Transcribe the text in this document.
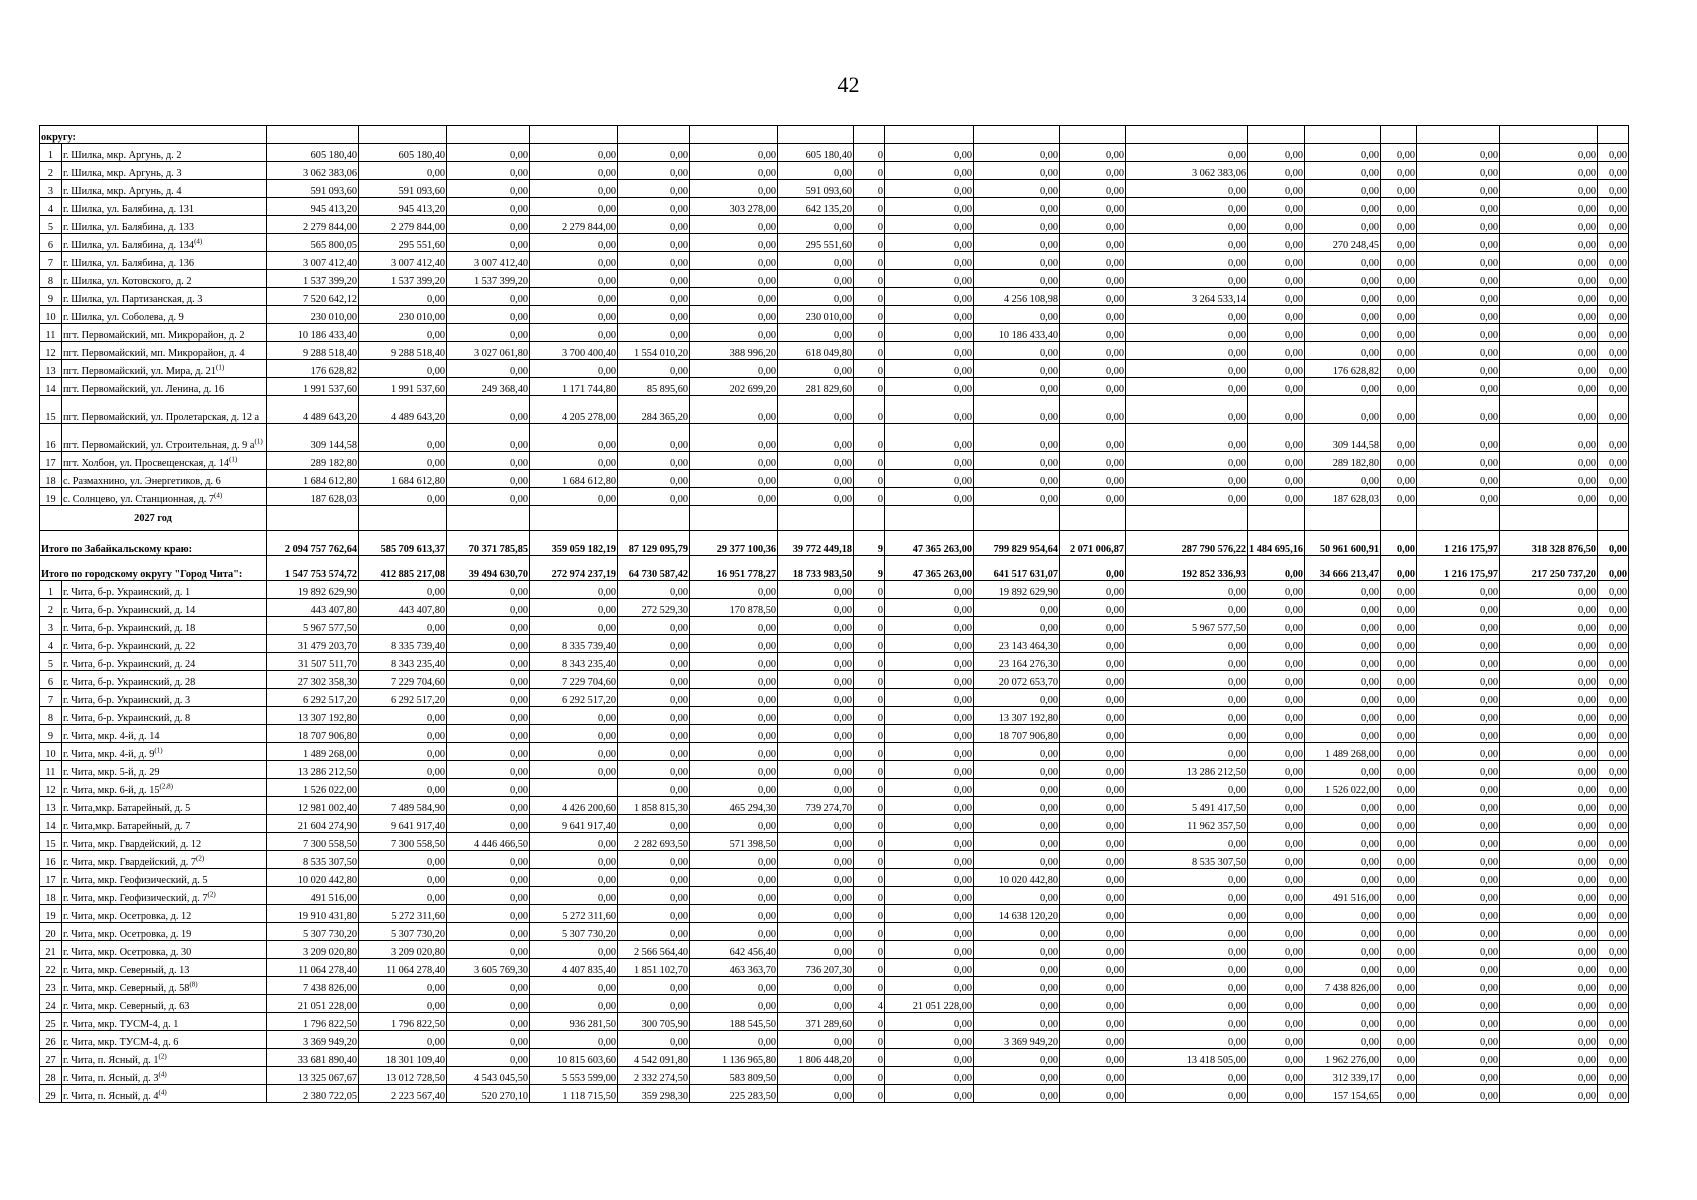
42
округу:																			
1	г. Шилка, мкр. Аргунь, д. 2	605 180,40	605 180,40	0,00	0,00	0,00	0,00	605 180,40	0	0,00	0,00	0,00	0,00	0,00	0,00	0,00	0,00	0,00	0,00
2	г. Шилка, мкр. Аргунь, д. 3	3 062 383,06	0,00	0,00	0,00	0,00	0,00	0,00	0	0,00	0,00	0,00	3 062 383,06	0,00	0,00	0,00	0,00	0,00	0,00
3	г. Шилка, мкр. Аргунь, д. 4	591 093,60	591 093,60	0,00	0,00	0,00	0,00	591 093,60	0	0,00	0,00	0,00	0,00	0,00	0,00	0,00	0,00	0,00	0,00
4	г. Шилка, ул. Балябина, д. 131	945 413,20	945 413,20	0,00	0,00	0,00	303 278,00	642 135,20	0	0,00	0,00	0,00	0,00	0,00	0,00	0,00	0,00	0,00	0,00
5	г. Шилка, ул. Балябина, д. 133	2 279 844,00	2 279 844,00	0,00	2 279 844,00	0,00	0,00	0,00	0	0,00	0,00	0,00	0,00	0,00	0,00	0,00	0,00	0,00	0,00
6	г. Шилка, ул. Балябина, д. 134$^{(4)}$	565 800,05	295 551,60	0,00	0,00	0,00	0,00	295 551,60	0	0,00	0,00	0,00	0,00	0,00	270 248,45	0,00	0,00	0,00	0,00
7	г. Шилка, ул. Балябина, д. 136	3 007 412,40	3 007 412,40	3 007 412,40	0,00	0,00	0,00	0,00	0	0,00	0,00	0,00	0,00	0,00	0,00	0,00	0,00	0,00	0,00
8	г. Шилка, ул. Котовского, д. 2	1 537 399,20	1 537 399,20	1 537 399,20	0,00	0,00	0,00	0,00	0	0,00	0,00	0,00	0,00	0,00	0,00	0,00	0,00	0,00	0,00
9	г. Шилка, ул. Партизанская, д. 3	7 520 642,12	0,00	0,00	0,00	0,00	0,00	0,00	0	0,00	4 256 108,98	0,00	3 264 533,14	0,00	0,00	0,00	0,00	0,00	0,00
10	г. Шилка, ул. Соболева, д. 9	230 010,00	230 010,00	0,00	0,00	0,00	0,00	230 010,00	0	0,00	0,00	0,00	0,00	0,00	0,00	0,00	0,00	0,00	0,00
11	пгт. Первомайский, мп. Микрорайон, д. 2	10 186 433,40	0,00	0,00	0,00	0,00	0,00	0,00	0	0,00	10 186 433,40	0,00	0,00	0,00	0,00	0,00	0,00	0,00	0,00
12	пгт. Первомайский, мп. Микрорайон, д. 4	9 288 518,40	9 288 518,40	3 027 061,80	3 700 400,40	1 554 010,20	388 996,20	618 049,80	0	0,00	0,00	0,00	0,00	0,00	0,00	0,00	0,00	0,00	0,00
13	пгт. Первомайский, ул. Мира, д. 21$^{(1)}$	176 628,82	0,00	0,00	0,00	0,00	0,00	0,00	0	0,00	0,00	0,00	0,00	0,00	176 628,82	0,00	0,00	0,00	0,00
14	пгт. Первомайский, ул. Ленина, д. 16	1 991 537,60	1 991 537,60	249 368,40	1 171 744,80	85 895,60	202 699,20	281 829,60	0	0,00	0,00	0,00	0,00	0,00	0,00	0,00	0,00	0,00	0,00
15	пгт. Первомайский, ул. Пролетарская, д. 12 а	4 489 643,20	4 489 643,20	0,00	4 205 278,00	284 365,20	0,00	0,00	0	0,00	0,00	0,00	0,00	0,00	0,00	0,00	0,00	0,00	0,00
16	пгт. Первомайский, ул. Строительная, д. 9 $а^{(1)}$	309 144,58	0,00	0,00	0,00	0,00	0,00	0,00	0	0,00	0,00	0,00	0,00	0,00	309 144,58	0,00	0,00	0,00	0,00
17	пгт. Холбон, ул. Просвещенская, д. 14$^{(1)}$	289 182,80	0,00	0,00	0,00	0,00	0,00	0,00	0	0,00	0,00	0,00	0,00	0,00	289 182,80	0,00	0,00	0,00	0,00
18	с. Размахнино, ул. Энергетиков, д. 6	1 684 612,80	1 684 612,80	0,00	1 684 612,80	0,00	0,00	0,00	0	0,00	0,00	0,00	0,00	0,00	0,00	0,00	0,00	0,00	0,00
19	с. Солнцево, ул. Станционная, д. 7$^{(4)}$	187 628,03	0,00	0,00	0,00	0,00	0,00	0,00	0	0,00	0,00	0,00	0,00	0,00	187 628,03	0,00	0,00	0,00	0,00
2027 год																			
Итого по Забайкальскому краю:		2 094 757 762,64	585 709 613,37	70 371 785,85	359 059 182,19	87 129 095,79	29 377 100,36	39 772 449,18	9	47 365 263,00	799 829 954,64	2 071 006,87	287 790 576,22	1 484 695,16	50 961 600,91	0,00	1 216 175,97	318 328 876,50	0,00
Итого по городскому округу "Город Чита":		1 547 753 574,72	412 885 217,08	39 494 630,70	272 974 237,19	64 730 587,42	16 951 778,27	18 733 983,50	9	47 365 263,00	641 517 631,07	0,00	192 852 336,93	0,00	34 666 213,47	0,00	1 216 175,97	217 250 737,20	0,00
1	г. Чита, б-р. Украинский, д. 1	19 892 629,90	0,00	0,00	0,00	0,00	0,00	0,00	0	0,00	19 892 629,90	0,00	0,00	0,00	0,00	0,00	0,00	0,00	0,00
2	г. Чита, б-р. Украинский, д. 14	443 407,80	443 407,80	0,00	0,00	272 529,30	170 878,50	0,00	0	0,00	0,00	0,00	0,00	0,00	0,00	0,00	0,00	0,00	0,00
3	г. Чита, б-р. Украинский, д. 18	5 967 577,50	0,00	0,00	0,00	0,00	0,00	0,00	0	0,00	0,00	0,00	5 967 577,50	0,00	0,00	0,00	0,00	0,00	0,00
4	г. Чита, б-р. Украинский, д. 22	31 479 203,70	8 335 739,40	0,00	8 335 739,40	0,00	0,00	0,00	0	0,00	23 143 464,30	0,00	0,00	0,00	0,00	0,00	0,00	0,00	0,00
5	г. Чита, б-р. Украинский, д. 24	31 507 511,70	8 343 235,40	0,00	8 343 235,40	0,00	0,00	0,00	0	0,00	23 164 276,30	0,00	0,00	0,00	0,00	0,00	0,00	0,00	0,00
6	г. Чита, б-р. Украинский, д. 28	27 302 358,30	7 229 704,60	0,00	7 229 704,60	0,00	0,00	0,00	0	0,00	20 072 653,70	0,00	0,00	0,00	0,00	0,00	0,00	0,00	0,00
7	г. Чита, б-р. Украинский, д. 3	6 292 517,20	6 292 517,20	0,00	6 292 517,20	0,00	0,00	0,00	0	0,00	0,00	0,00	0,00	0,00	0,00	0,00	0,00	0,00	0,00
8	г. Чита, б-р. Украинский, д. 8	13 307 192,80	0,00	0,00	0,00	0,00	0,00	0,00	0	0,00	13 307 192,80	0,00	0,00	0,00	0,00	0,00	0,00	0,00	0,00
9	г. Чита, мкр. 4-й, д. 14	18 707 906,80	0,00	0,00	0,00	0,00	0,00	0,00	0	0,00	18 707 906,80	0,00	0,00	0,00	0,00	0,00	0,00	0,00	0,00
10	г. Чита, мкр. 4-й, д. 9$^{(1)}$	1 489 268,00	0,00	0,00	0,00	0,00	0,00	0,00	0	0,00	0,00	0,00	0,00	0,00	1 489 268,00	0,00	0,00	0,00	0,00
11	г. Чита, мкр. 5-й, д. 29	13 286 212,50	0,00	0,00	0,00	0,00	0,00	0,00	0	0,00	0,00	0,00	13 286 212,50	0,00	0,00	0,00	0,00	0,00	0,00
12	г. Чита, мкр. 6-й, д. 15$^{(2,8)}$	1 526 022,00	0,00	0,00		0,00	0,00	0,00	0	0,00	0,00	0,00	0,00	0,00	1 526 022,00	0,00	0,00	0,00	0,00
13	г. Чита,мкр. Батарейный, д. 5	12 981 002,40	7 489 584,90	0,00	4 426 200,60	1 858 815,30	465 294,30	739 274,70	0	0,00	0,00	0,00	5 491 417,50	0,00	0,00	0,00	0,00	0,00	0,00
14	г. Чита,мкр. Батарейный, д. 7	21 604 274,90	9 641 917,40	0,00	9 641 917,40	0,00	0,00	0,00	0	0,00	0,00	0,00	11 962 357,50	0,00	0,00	0,00	0,00	0,00	0,00
15	г. Чита, мкр. Гвардейский, д. 12	7 300 558,50	7 300 558,50	4 446 466,50	0,00	2 282 693,50	571 398,50	0,00	0	0,00	0,00	0,00	0,00	0,00	0,00	0,00	0,00	0,00	0,00
16	г. Чита, мкр. Гвардейский, д. 7$^{(2)}$	8 535 307,50	0,00	0,00	0,00	0,00	0,00	0,00	0	0,00	0,00	0,00	8 535 307,50	0,00	0,00	0,00	0,00	0,00	0,00
17	г. Чита, мкр. Геофизический, д. 5	10 020 442,80	0,00	0,00	0,00	0,00	0,00	0,00	0	0,00	10 020 442,80	0,00	0,00	0,00	0,00	0,00	0,00	0,00	0,00
18	г. Чита, мкр. Геофизический, д. 7$^{(2)}$	491 516,00	0,00	0,00	0,00	0,00	0,00	0,00	0	0,00	0,00	0,00	0,00	0,00	491 516,00	0,00	0,00	0,00	0,00
19	г. Чита, мкр. Осетровка, д. 12	19 910 431,80	5 272 311,60	0,00	5 272 311,60	0,00	0,00	0,00	0	0,00	14 638 120,20	0,00	0,00	0,00	0,00	0,00	0,00	0,00	0,00
20	г. Чита, мкр. Осетровка, д. 19	5 307 730,20	5 307 730,20	0,00	5 307 730,20	0,00	0,00	0,00	0	0,00	0,00	0,00	0,00	0,00	0,00	0,00	0,00	0,00	0,00
21	г. Чита, мкр. Осетровка, д. 30	3 209 020,80	3 209 020,80	0,00	0,00	2 566 564,40	642 456,40	0,00	0	0,00	0,00	0,00	0,00	0,00	0,00	0,00	0,00	0,00	0,00
22	г. Чита, мкр. Северный, д. 13	11 064 278,40	11 064 278,40	3 605 769,30	4 407 835,40	1 851 102,70	463 363,70	736 207,30	0	0,00	0,00	0,00	0,00	0,00	0,00	0,00	0,00	0,00	0,00
23	г. Чита, мкр. Северный, д. 58$^{(8)}$	7 438 826,00	0,00	0,00	0,00	0,00	0,00	0,00	0	0,00	0,00	0,00	0,00	0,00	7 438 826,00	0,00	0,00	0,00	0,00
24	г. Чита, мкр. Северный, д. 63	21 051 228,00	0,00	0,00	0,00	0,00	0,00	0,00	4	21 051 228,00	0,00	0,00	0,00	0,00	0,00	0,00	0,00	0,00	0,00
25	г. Чита, мкр. ТУСМ-4, д. 1	1 796 822,50	1 796 822,50	0,00	936 281,50	300 705,90	188 545,50	371 289,60	0	0,00	0,00	0,00	0,00	0,00	0,00	0,00	0,00	0,00	0,00
26	г. Чита, мкр. ТУСМ-4, д. 6	3 369 949,20	0,00	0,00	0,00	0,00	0,00	0,00	0	0,00	3 369 949,20	0,00	0,00	0,00	0,00	0,00	0,00	0,00	0,00
27	г. Чита, п. Ясный, д. 1$^{(2)}$	33 681 890,40	18 301 109,40	0,00	10 815 603,60	4 542 091,80	1 136 965,80	1 806 448,20	0	0,00	0,00	0,00	13 418 505,00	0,00	1 962 276,00	0,00	0,00	0,00	0,00
28	г. Чита, п. Ясный, д. 3$^{(4)}$	13 325 067,67	13 012 728,50	4 543 045,50	5 553 599,00	2 332 274,50	583 809,50	0,00	0	0,00	0,00	0,00	0,00	0,00	312 339,17	0,00	0,00	0,00	0,00
29	г. Чита, п. Ясный, д. 4$^{(4)}$	2 380 722,05	2 223 567,40	520 270,10	1 118 715,50	359 298,30	225 283,50	0,00	0	0,00	0,00	0,00	0,00	0,00	157 154,65	0,00	0,00	0,00	0,00
